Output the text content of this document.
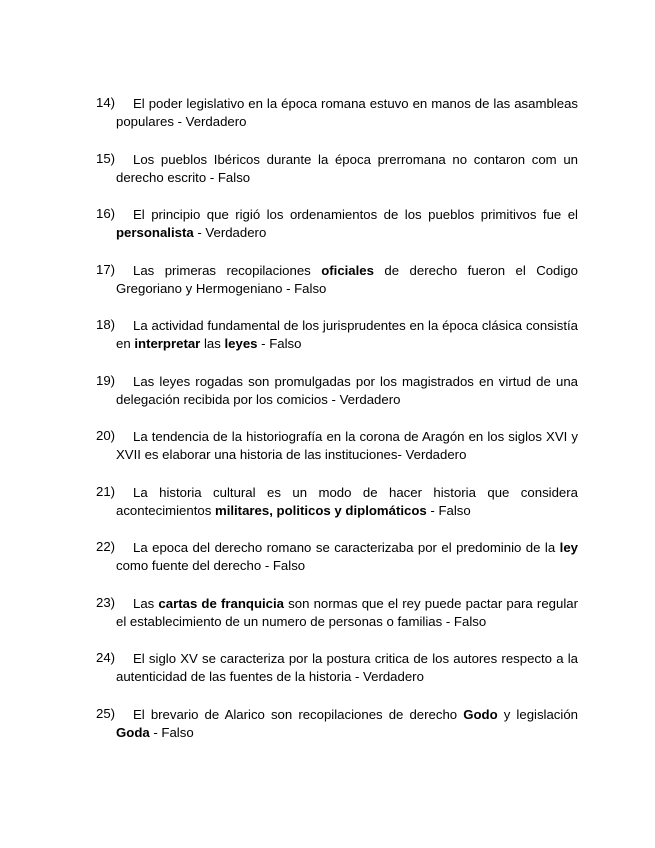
14)	El poder legislativo en la época romana estuvo en manos de las asambleas populares - Verdadero
15)	Los pueblos Ibéricos durante la época prerromana no contaron com un derecho escrito - Falso
16)	El principio que rigió los ordenamientos de los pueblos primitivos fue el personalista - Verdadero
17)	Las primeras recopilaciones oficiales de derecho fueron el Codigo Gregoriano y Hermogeniano - Falso
18)	La actividad fundamental de los jurisprudentes en la época clásica consistía en interpretar las leyes - Falso
19)	Las leyes rogadas son promulgadas por los magistrados en virtud de una delegación recibida por los comicios - Verdadero
20)	La tendencia de la historiografía en la corona de Aragón en los siglos XVI y XVII es elaborar una historia de las instituciones- Verdadero
21)	La historia cultural es un modo de hacer historia que considera acontecimientos militares, politicos y diplomáticos - Falso
22)	La epoca del derecho romano se caracterizaba por el predominio de la ley como fuente del derecho - Falso
23)	Las cartas de franquicia son normas que el rey puede pactar para regular el establecimiento de un numero de personas o familias - Falso
24)	El siglo XV se caracteriza por la postura critica de los autores respecto a la autenticidad de las fuentes de la historia - Verdadero
25)	El brevario de Alarico son recopilaciones de derecho Godo y legislación Goda - Falso
